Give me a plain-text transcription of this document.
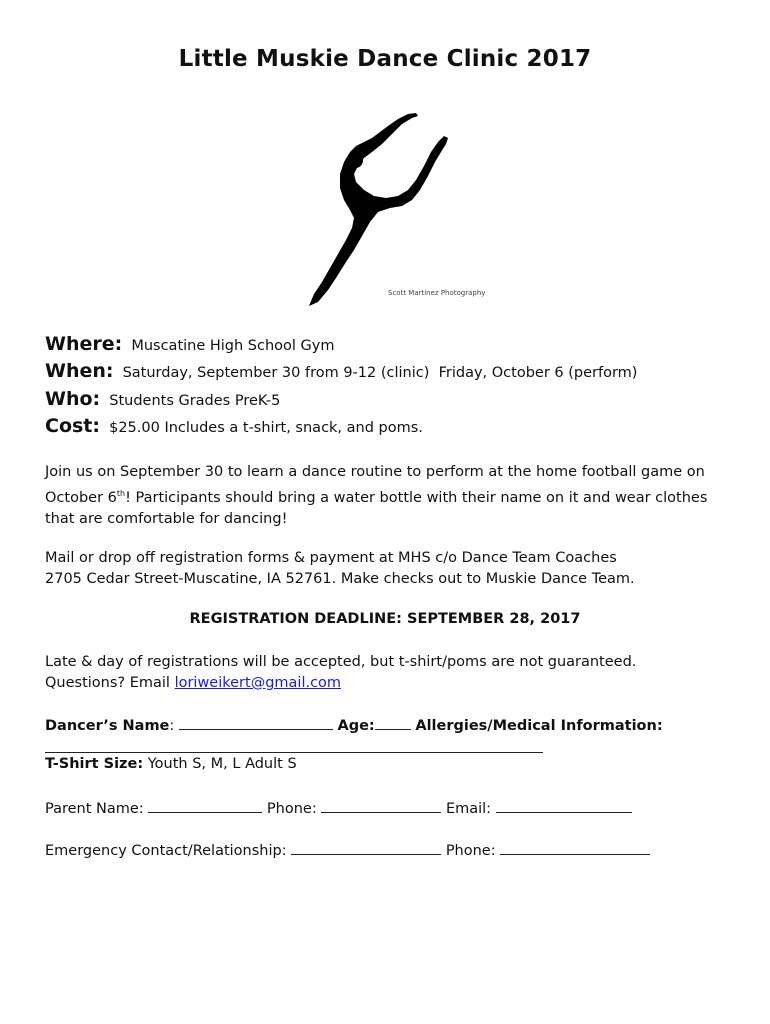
Little Muskie Dance Clinic 2017
Scott Martinez Photography
Where: Muscatine High School Gym
When: Saturday, September 30 from 9-12 (clinic)  Friday, October 6 (perform)
Who: Students Grades PreK-5
Cost: $25.00 Includes a t-shirt, snack, and poms.
Join us on September 30 to learn a dance routine to perform at the home football game on October 6th! Participants should bring a water bottle with their name on it and wear clothes that are comfortable for dancing!
Mail or drop off registration forms & payment at MHS c/o Dance Team Coaches
2705 Cedar Street-Muscatine, IA 52761. Make checks out to Muskie Dance Team.
REGISTRATION DEADLINE: SEPTEMBER 28, 2017
Late & day of registrations will be accepted, but t-shirt/poms are not guaranteed.
Questions? Email loriweikert@gmail.com
Dancer’s Name:	Age:	Allergies/Medical Information:
T-Shirt Size: Youth S, M, L Adult S
Parent Name:	Phone:	Email:
Emergency Contact/Relationship:	Phone:
